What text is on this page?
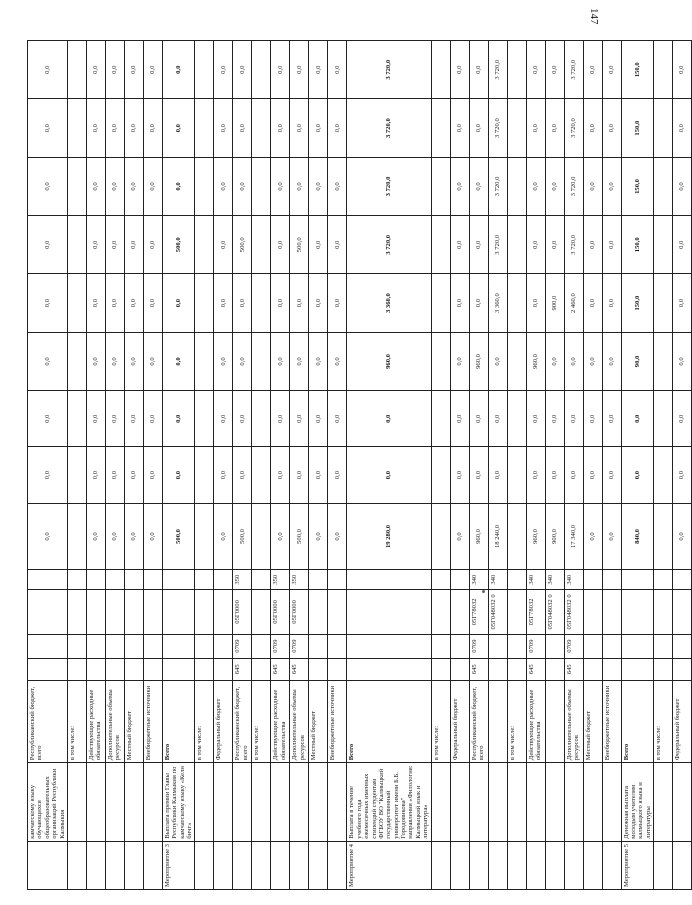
147
	камчатскому языку обучающихся общеобразовательных организаций Республики Калмыкия	Республиканский бюджет, всего					0,0	0,0	0,0	0,0	0,0	0,0	0,0	0,0	0,0
		в том числе:													
		Действующие расходные обязательства					0,0	0,0	0,0	0,0	0,0	0,0	0,0	0,0	0,0
		Дополнительные объемы ресурсов					0,0	0,0	0,0	0,0	0,0	0,0	0,0	0,0	0,0
		Местный бюджет					0,0	0,0	0,0	0,0	0,0	0,0	0,0	0,0	0,0
		Внебюджетные источники					0,0	0,0	0,0	0,0	0,0	0,0	0,0	0,0	0,0
Мероприятие 3	Выплата премии Главы Республики Калмыкия по камчатскому языку «Келн бичг»	Всего					500,0	0,0	0,0	0,0	0,0	500,0	0,0	0,0	0,0
		в том числе:													
		Федеральный бюджет					0,0	0,0	0,0	0,0	0,0	0,0	0,0	0,0	0,0
		Республиканский бюджет, всего	645	0709	05Г0000	350	500,0	0,0	0,0	0,0	0,0	500,0	0,0	0,0	0,0
		в том числе:													
		Действующие расходные обязательства	645	0709	05Г0000	350	0,0	0,0	0,0	0,0	0,0	0,0	0,0	0,0	0,0
		Дополнительные объемы ресурсов	645	0709	05Г0000	350	500,0	0,0	0,0	0,0	0,0	500,0	0,0	0,0	0,0
		Местный бюджет					0,0	0,0	0,0	0,0	0,0	0,0	0,0	0,0	0,0
		Внебюджетные источники					0,0	0,0	0,0	0,0	0,0	0,0	0,0	0,0	0,0
Мероприятие 4	Выплата в течение учебного года ежемесячных именных стипендий студентам ФГБОУ ВО "Калмыцкий государственный университет имени Б.Б. Городовикова" направления «Филология: Калмыцкий язык и литература»	Всего					19 280,0	0,0	0,0	960,0	3 360,0	3 720,0	3 720,0	3 720,0	3 720,0
		в том числе:													
		Федеральный бюджет					0,0	0,0	0,0	0,0	0,0	0,0	0,0	0,0	0,0
		Республиканский бюджет, всего	645	0709	05Г78032	340	960,0	0,0	0,0	960,0	0,0	0,0	0,0	0,0	0,0
					05Г048032 0	340	18 240,0	0,0	0,0	0,0	3 360,0	3 720,0	3 720,0	3 720,0	3 720,0
		в том числе:													
		Действующие расходные обязательства	645	0709	05Г78032	340	960,0	0,0	0,0	960,0	0,0	0,0	0,0	0,0	0,0
					05Г048032 0	340	900,0	0,0	0,0	0,0	900,0	0,0	0,0	0,0	0,0
		Дополнительные объемы ресурсов	645	0709	05Г048032 0	340	17 340,0	0,0	0,0	0,0	2 460,0	3 720,0	3 720,0	3 720,0	3 720,0
		Местный бюджет					0,0	0,0	0,0	0,0	0,0	0,0	0,0	0,0	0,0
		Внебюджетные источники					0,0	0,0	0,0	0,0	0,0	0,0	0,0	0,0	0,0
Мероприятие 5	Денежная выплата молодым учителям калмыцкого языка и литературы	Всего					840,0	0,0	0,0	90,0	150,0	150,0	150,0	150,0	150,0
		в том числе:													
		Федеральный бюджет					0,0	0,0	0,0	0,0	0,0	0,0	0,0	0,0	0,0
